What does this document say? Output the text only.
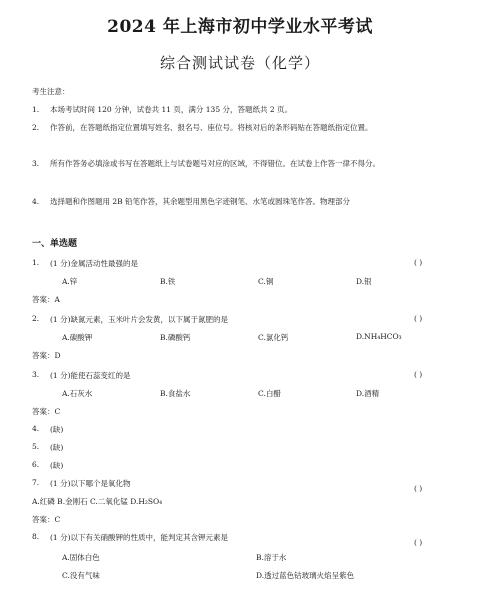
2024 年上海市初中学业水平考试
综合测试试卷（化学）
考生注意：
1. 本场考试时间 120 分钟，试卷共 11 页，满分 135 分，答题纸共 2 页。
2. 作答前，在答题纸指定位置填写姓名、报名号、座位号。将核对后的条形码贴在答题纸指定位置。
3. 所有作答务必填涂或书写在答题纸上与试卷题号对应的区域，不得错位。在试卷上作答一律不得分。
4. 选择题和作图题用 2B 铅笔作答，其余题型用黑色字迹钢笔、水笔或圆珠笔作答。物理部分
一、单选题
1. (1 分)金属活动性最强的是	( )
A.锌	B.铁	C.铜	D.银
答案：A
2. (1 分)缺氮元素，玉米叶片会发黄，以下属于氮肥的是	( )
A.碳酸钾	B.磷酸钙	C.氯化钙	D.NH₄HCO₃
答案：D
3. (1 分)能使石蕊变红的是	( )
A.石灰水	B.食盐水	C.白醋	D.酒精
答案：C
4. (缺)
5. (缺)
6. (缺)
7. (1 分)以下哪个是氧化物
( )
A.红磷 B.金刚石 C.二氧化锰 D.H₂SO₄
答案：C
8. (1 分)以下有关硝酸钾的性质中，能判定其含钾元素是
( )
A.固体白色	B.溶于水
C.没有气味	D.透过蓝色钴玻璃火焰呈紫色
